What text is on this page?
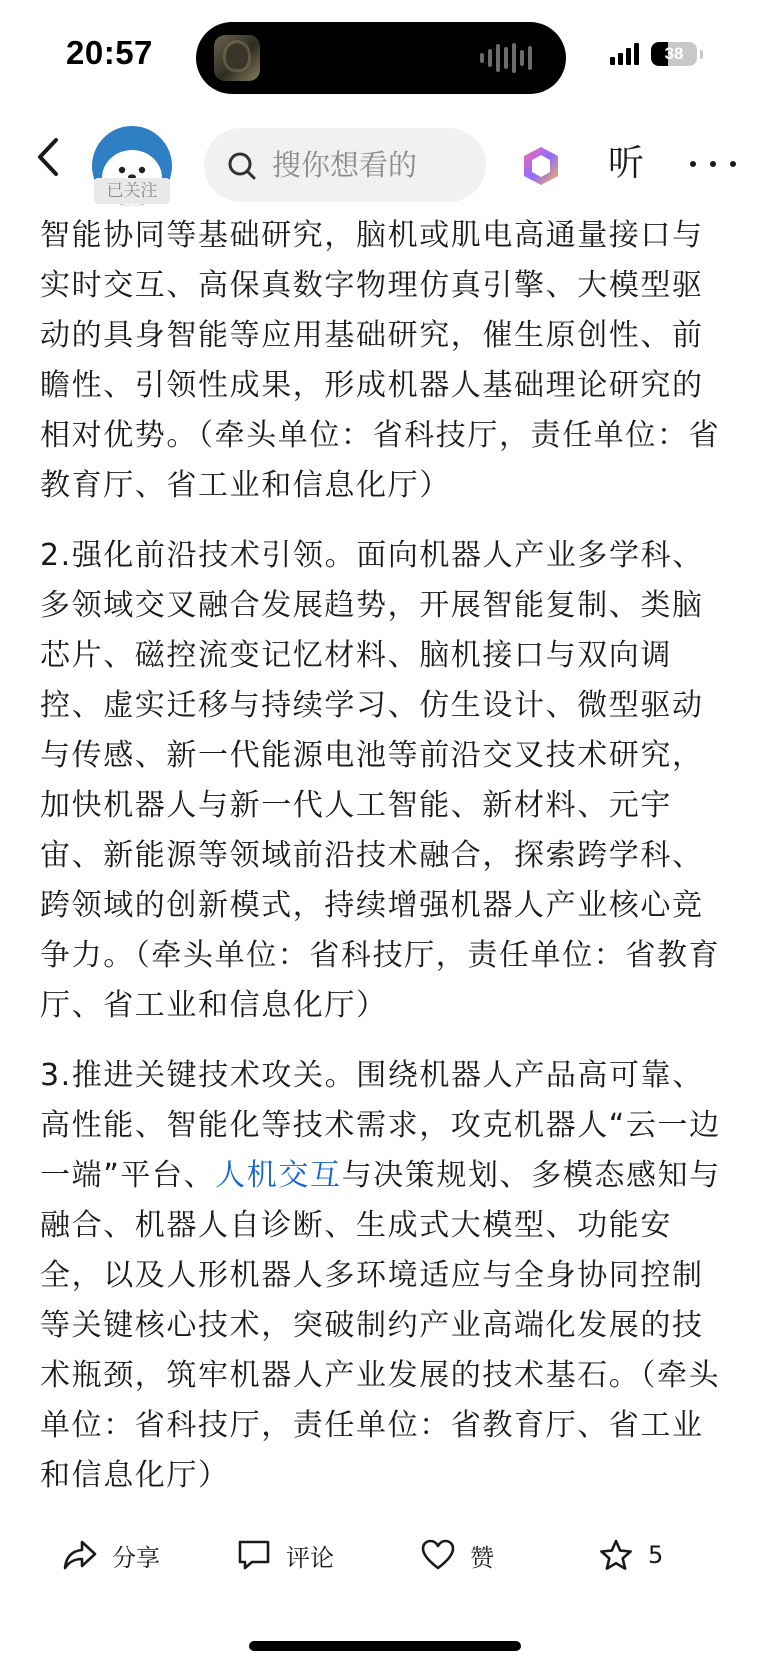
20:57	38
已关注
搜你想看的	听

智能协同等基础研究，脑机或肌电高通量接口与实时交互、高保真数字物理仿真引擎、大模型驱动的具身智能等应用基础研究，催生原创性、前瞻性、引领性成果，形成机器人基础理论研究的相对优势。（牵头单位：省科技厅，责任单位：省教育厅、省工业和信息化厅）

2.强化前沿技术引领。面向机器人产业多学科、多领域交叉融合发展趋势，开展智能复制、类脑芯片、磁控流变记忆材料、脑机接口与双向调控、虚实迁移与持续学习、仿生设计、微型驱动与传感、新一代能源电池等前沿交叉技术研究，加快机器人与新一代人工智能、新材料、元宇宙、新能源等领域前沿技术融合，探索跨学科、跨领域的创新模式，持续增强机器人产业核心竞争力。（牵头单位：省科技厅，责任单位：省教育厅、省工业和信息化厅）

3.推进关键技术攻关。围绕机器人产品高可靠、高性能、智能化等技术需求，攻克机器人“云一边一端”平台、人机交互与决策规划、多模态感知与融合、机器人自诊断、生成式大模型、功能安全，以及人形机器人多环境适应与全身协同控制等关键核心技术，突破制约产业高端化发展的技术瓶颈，筑牢机器人产业发展的技术基石。（牵头单位：省科技厅，责任单位：省教育厅、省工业和信息化厅）

分享	评论	赞	5
